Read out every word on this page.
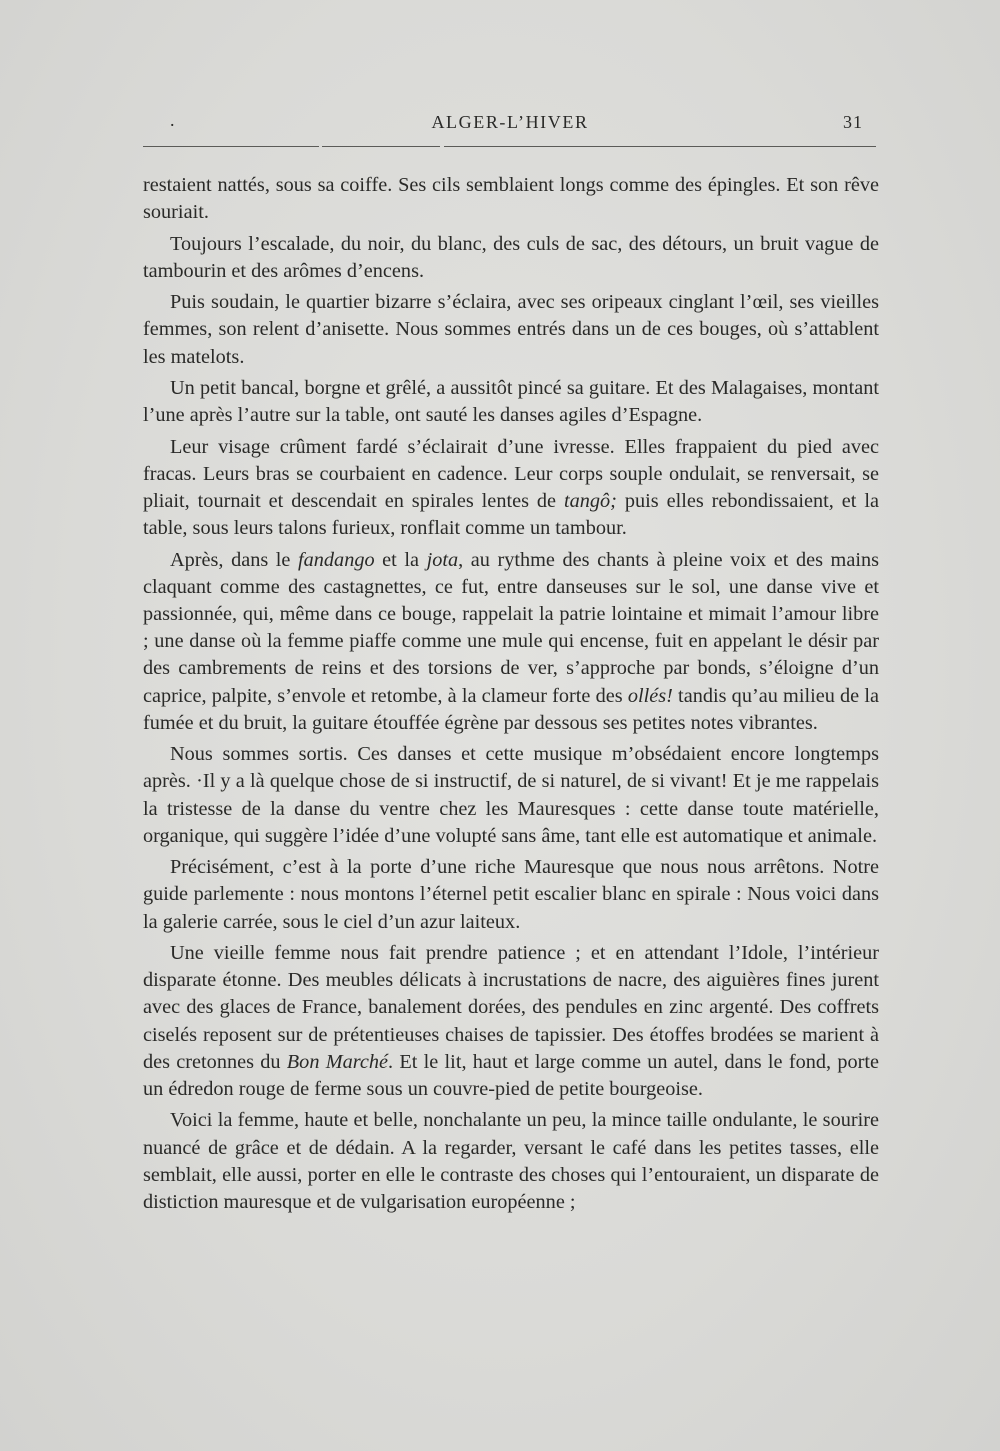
.	ALGER-L’HIVER	31

restaient nattés, sous sa coiffe. Ses cils semblaient longs comme des épingles. Et son rêve souriait.

Toujours l’escalade, du noir, du blanc, des culs de sac, des détours, un bruit vague de tambourin et des arômes d’encens.

Puis soudain, le quartier bizarre s’éclaira, avec ses oripeaux cinglant l’œil, ses vieilles femmes, son relent d’anisette. Nous sommes entrés dans un de ces bouges, où s’attablent les matelots.

Un petit bancal, borgne et grêlé, a aussitôt pincé sa guitare. Et des Malagaises, montant l’une après l’autre sur la table, ont sauté les danses agiles d’Espagne.

Leur visage crûment fardé s’éclairait d’une ivresse. Elles frappaient du pied avec fracas. Leurs bras se courbaient en cadence. Leur corps souple ondulait, se renversait, se pliait, tournait et descendait en spirales lentes de tangô; puis elles rebondissaient, et la table, sous leurs talons furieux, ronflait comme un tambour.

Après, dans le fandango et la jota, au rythme des chants à pleine voix et des mains claquant comme des castagnettes, ce fut, entre danseuses sur le sol, une danse vive et passionnée, qui, même dans ce bouge, rappelait la patrie lointaine et mimait l’amour libre ; une danse où la femme piaffe comme une mule qui encense, fuit en appelant le désir par des cambrements de reins et des torsions de ver, s’approche par bonds, s’éloigne d’un caprice, palpite, s’envole et retombe, à la clameur forte des ollés! tandis qu’au milieu de la fumée et du bruit, la guitare étouffée égrène par dessous ses petites notes vibrantes.

Nous sommes sortis. Ces danses et cette musique m’obsédaient encore longtemps après. ·Il y a là quelque chose de si instructif, de si naturel, de si vivant! Et je me rappelais la tristesse de la danse du ventre chez les Mauresques : cette danse toute matérielle, organique, qui suggère l’idée d’une volupté sans âme, tant elle est automatique et animale.

Précisément, c’est à la porte d’une riche Mauresque que nous nous arrêtons. Notre guide parlemente : nous montons l’éternel petit escalier blanc en spirale : Nous voici dans la galerie carrée, sous le ciel d’un azur laiteux.

Une vieille femme nous fait prendre patience ; et en attendant l’Idole, l’intérieur disparate étonne. Des meubles délicats à incrustations de nacre, des aiguières fines jurent avec des glaces de France, banalement dorées, des pendules en zinc argenté. Des coffrets ciselés reposent sur de prétentieuses chaises de tapissier. Des étoffes brodées se marient à des cretonnes du Bon Marché. Et le lit, haut et large comme un autel, dans le fond, porte un édredon rouge de ferme sous un couvre-pied de petite bourgeoise.

Voici la femme, haute et belle, nonchalante un peu, la mince taille ondulante, le sourire nuancé de grâce et de dédain. A la regarder, versant le café dans les petites tasses, elle semblait, elle aussi, porter en elle le contraste des choses qui l’entouraient, un disparate de distiction mauresque et de vulgarisation européenne ;
